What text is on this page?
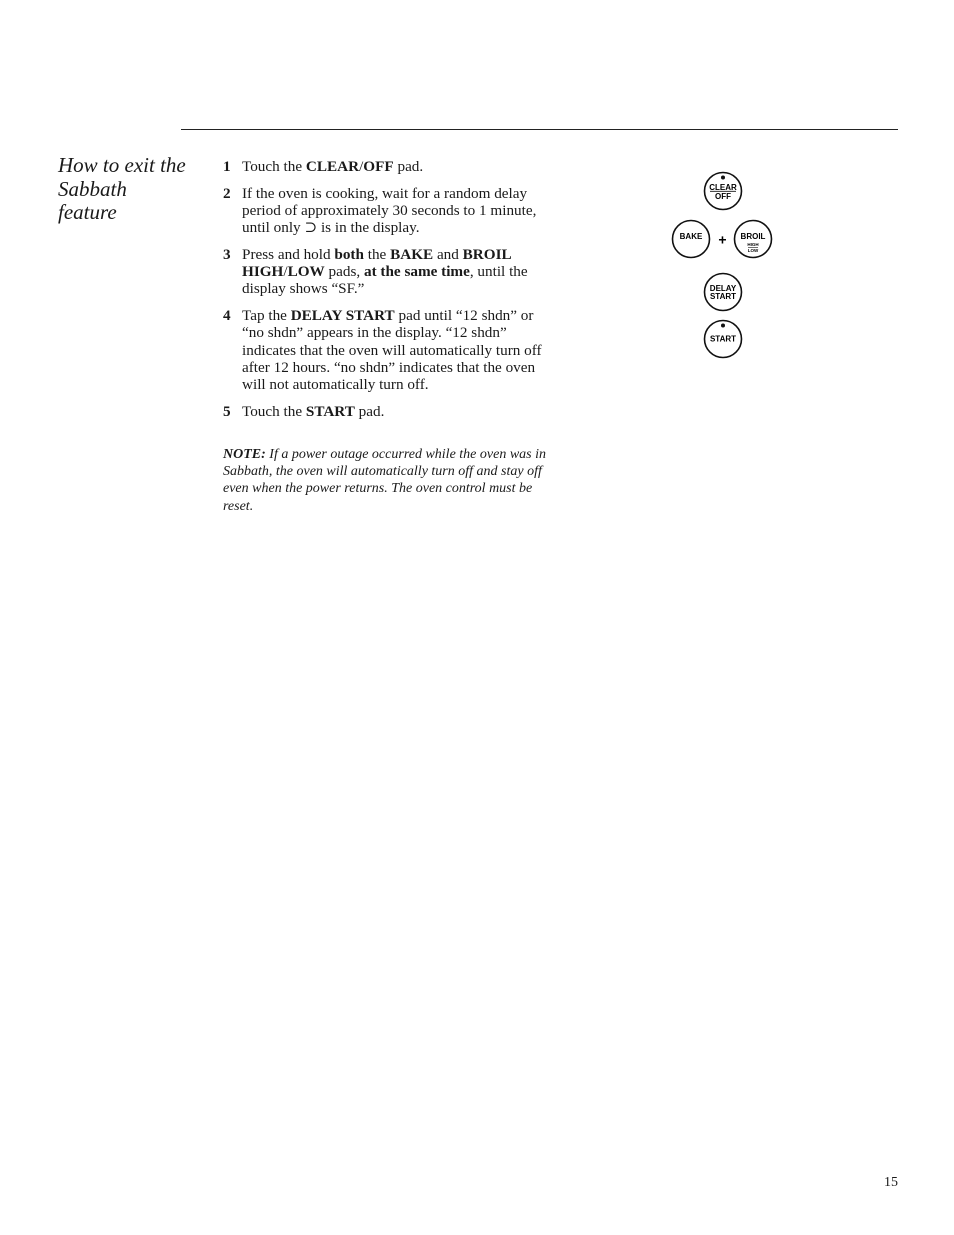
How to exit the Sabbath feature
1 Touch the CLEAR/OFF pad.
2 If the oven is cooking, wait for a random delay period of approximately 30 seconds to 1 minute, until only ⊃ is in the display.
3 Press and hold both the BAKE and BROIL HIGH/LOW pads, at the same time, until the display shows “SF.”
4 Tap the DELAY START pad until “12 shdn” or “no shdn” appears in the display. “12 shdn” indicates that the oven will automatically turn off after 12 hours. “no shdn” indicates that the oven will not automatically turn off.
5 Touch the START pad.

NOTE: If a power outage occurred while the oven was in Sabbath, the oven will automatically turn off and stay off even when the power returns. The oven control must be reset.

CLEAR
OFF
BAKE + BROIL
HIGH
LOW
DELAY
START
START
15
